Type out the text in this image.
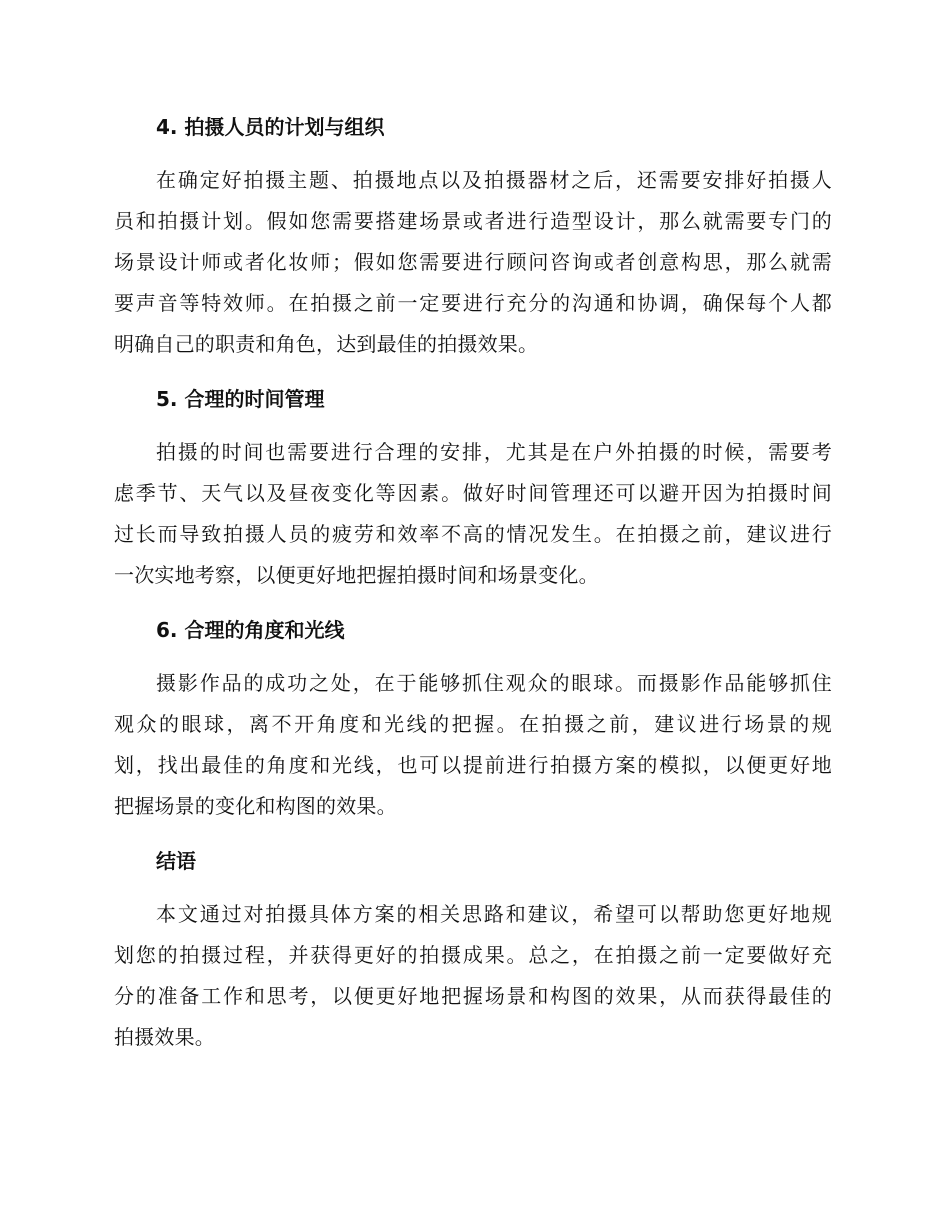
4. 拍摄人员的计划与组织
在确定好拍摄主题、拍摄地点以及拍摄器材之后，还需要安排好拍摄人
员和拍摄计划。假如您需要搭建场景或者进行造型设计，那么就需要专门的
场景设计师或者化妆师；假如您需要进行顾问咨询或者创意构思，那么就需
要声音等特效师。在拍摄之前一定要进行充分的沟通和协调，确保每个人都
明确自己的职责和角色，达到最佳的拍摄效果。
5. 合理的时间管理
拍摄的时间也需要进行合理的安排，尤其是在户外拍摄的时候，需要考
虑季节、天气以及昼夜变化等因素。做好时间管理还可以避开因为拍摄时间
过长而导致拍摄人员的疲劳和效率不高的情况发生。在拍摄之前，建议进行
一次实地考察，以便更好地把握拍摄时间和场景变化。
6. 合理的角度和光线
摄影作品的成功之处，在于能够抓住观众的眼球。而摄影作品能够抓住
观众的眼球，离不开角度和光线的把握。在拍摄之前，建议进行场景的规
划，找出最佳的角度和光线，也可以提前进行拍摄方案的模拟，以便更好地
把握场景的变化和构图的效果。
结语
本文通过对拍摄具体方案的相关思路和建议，希望可以帮助您更好地规
划您的拍摄过程，并获得更好的拍摄成果。总之，在拍摄之前一定要做好充
分的准备工作和思考，以便更好地把握场景和构图的效果，从而获得最佳的
拍摄效果。
